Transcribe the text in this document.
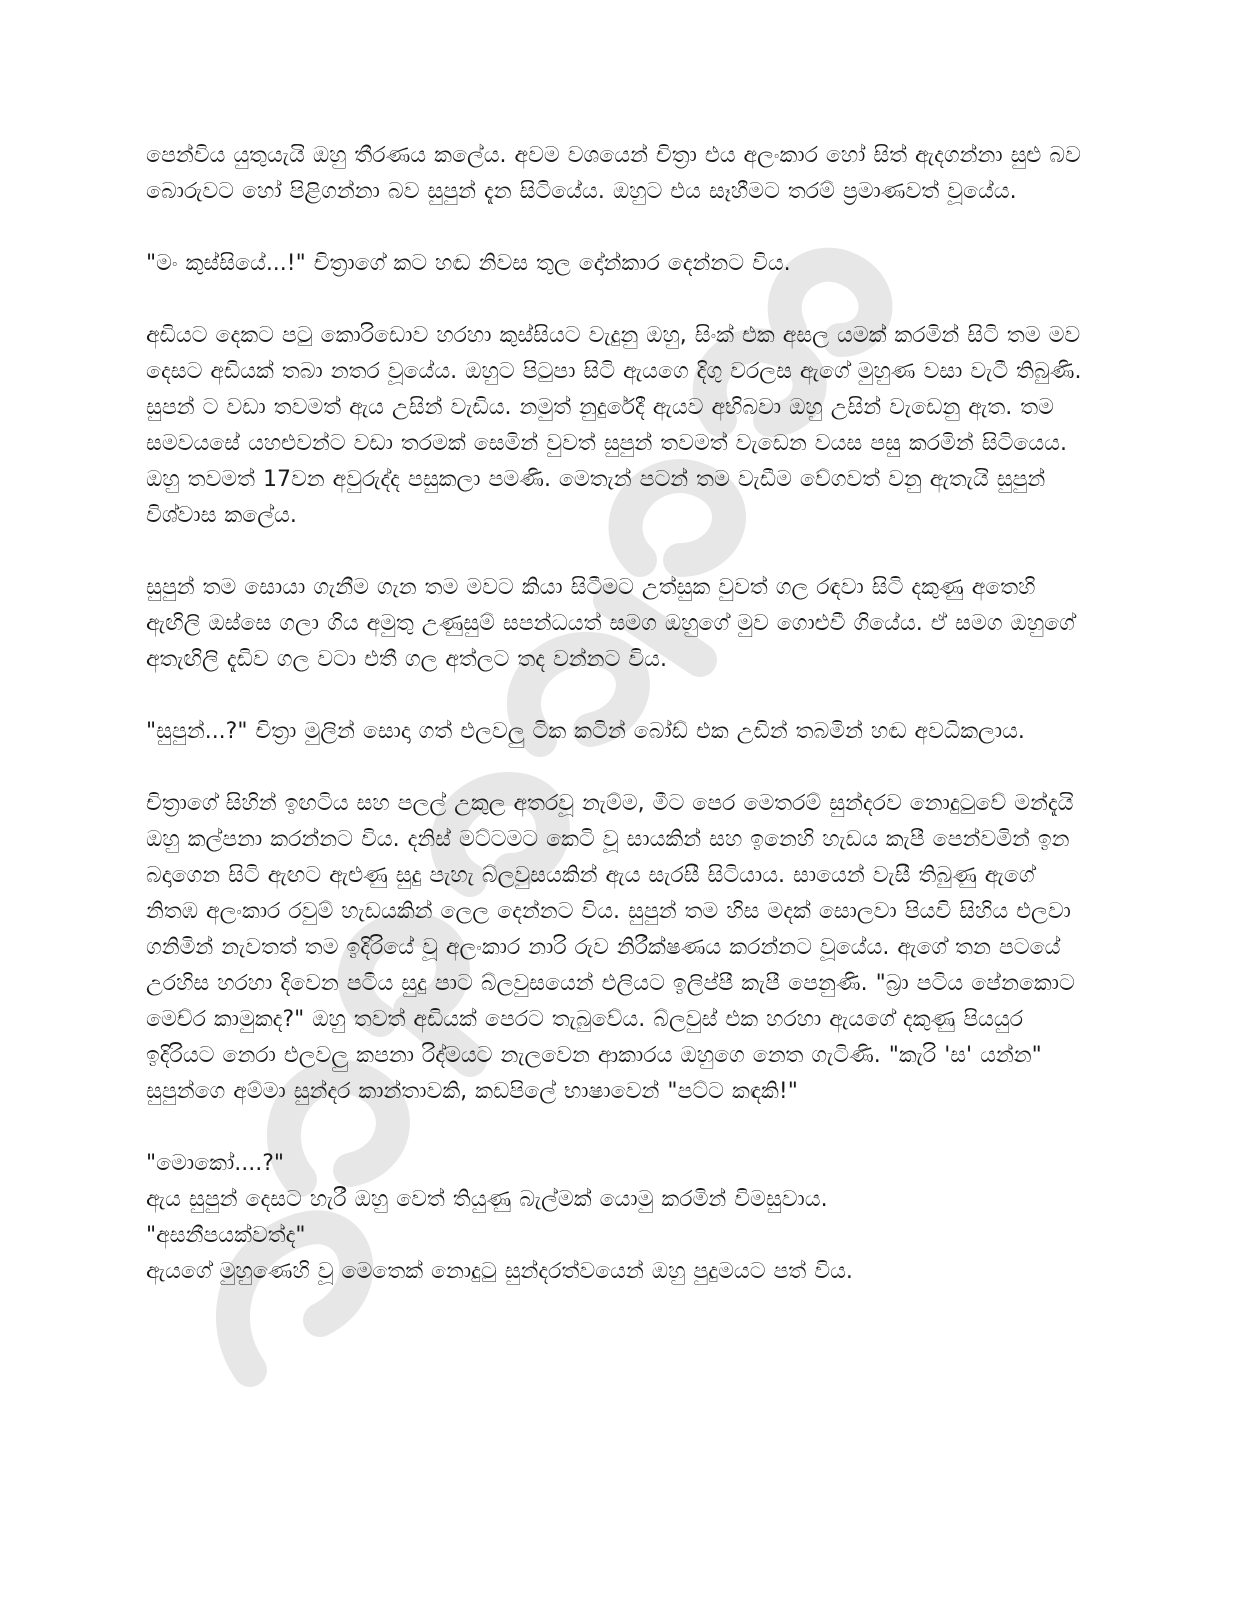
පෙන්විය යුතුයැයි ඔහු තීරණය කලේය. අවම වශයෙන් චිත්‍රා එය අලංකාර හෝ සිත් ඇදගන්නා සුළු බව බොරුවට හෝ පිළිගන්නා බව සුපුන් දැන සිටියේය. ඔහුට එය සෑහීමට තරම් ප්‍රමාණවත් වූයේය.

"මං කුස්සියේ...!" චිත්‍රාගේ කට හඬ නිවස තුල දෝන්කාර දෙන්නට විය.

අඩියට දෙකට පටු කොරිඩොව හරහා කුස්සියට වැදුනු ඔහු, සිංක් එක අසල යමක් කරමින් සිටි තම මව දෙසට අඩියක් තබා නතර වූයේය. ඔහුට පිටුපා සිටි ඇයගෙ දිගු වරලස ඇගේ මුහුණ වසා වැටී තිබුණි. සුපන් ට වඩා තවමත් ඇය උසින් වැඩිය. නමුත් නුදුරේදී ඇයව අභිබවා ඔහු උසින් වැඩෙනු ඇත. තම සමවයසේ යහළුවන්ට වඩා තරමක් සෙමින් වුවත් සුපුන් තවමත් වැඩෙන වයස පසු කරමින් සිටියෙය. ඔහු තවමත් 17වන අවුරුද්ද පසුකලා පමණි. මෙතැන් පටන් තම වැඩීම වේගවත් වනු ඇතැයි සුපුන් විශ්වාස කලේය.

සුපුන් තම සොයා ගැනීම ගැන තම මවට කියා සිටීමට උත්සුක වුවත් ගල රඳවා සිටි දකුණු අතෙහි ඇඟිලි ඔස්සෙ ගලා ගිය අමුතු උණුසුම් සපන්ධයත් සමග ඔහුගේ මුව ගොළුවී ගියේය. ඒ සමග ඔහුගේ අතැඟිලි දැඩිව ගල වටා එතී ගල අත්ලට තද වන්නට විය.

"සුපුන්...?" චිත්‍රා මුලින් සොදා ගත් එලවලු ටික කටින් බෝඩ් එක උඩින් තබමින් හඬ අවධිකලාය.

චිත්‍රාගේ සිහින් ඉඟටිය සහ පලල් උකුල අතරවූ නැම්ම, මීට පෙර මෙතරම් සුන්දරව නොදුටුවේ මන්දැයි ඔහු කල්පනා කරන්නට විය. දනිස් මට්ටමට කෙටි වූ සායකින් සහ ඉනෙහි හැඩය කැපී පෙන්වමින් ඉන බදාගෙන සිටි ඇඟට ඇළුණු සුදු පැහැ බ්ලවුසයකින් ඇය සැරසී සිටියාය. සායෙන් වැසී තිබුණු ඇගේ නිතඹ අලංකාර රවුම් හැඩයකින් ලෙල දෙන්නට විය. සුපුන් තම හිස මදක් සොලවා පියවි සිහිය එලවා ගනිමින් නැවතත් තම ඉදිරියේ වූ අලංකාර නාරි රුව නිරීක්ෂණය කරන්නට වූයේය. ඇගේ තන පටයේ උරහිස හරහා දිවෙන පටිය සුදු පාට බ්ලවුසයෙන් එලියට ඉලිප්පී කැපී පෙනුණි. "බ්‍රා පටිය පේනකොට මෙච්ර කාමුකද?" ඔහු තවත් අඩියක් පෙරට තැබුවේය. බ්ලවුස් එක හරහා ඇයගේ දකුණු පියයුර ඉදිරියට නෙරා එලවලු කපනා රිද්මයට නැලවෙන ආකාරය ඔහුගෙ නෙත ගැටිණි. "කැරි 'ස' යන්න" සුපුන්ගෙ අම්මා සුන්දර කාන්තාවකි, කඩපිලේ භාෂාවෙන් "පට්ට කඳකි!"

"මොකෝ....?"

ඇය සුපුන් දෙසට හැරී ඔහු වෙත් තියුණු බැල්මක් යොමු කරමින් විමසුවාය.

"අසනීපයක්වත්ද"

ඇයගේ මුහුණෙහි වූ මෙතෙක් නොදුටු සුන්දරත්වයෙන් ඔහු පුදුමයට පත් විය.
